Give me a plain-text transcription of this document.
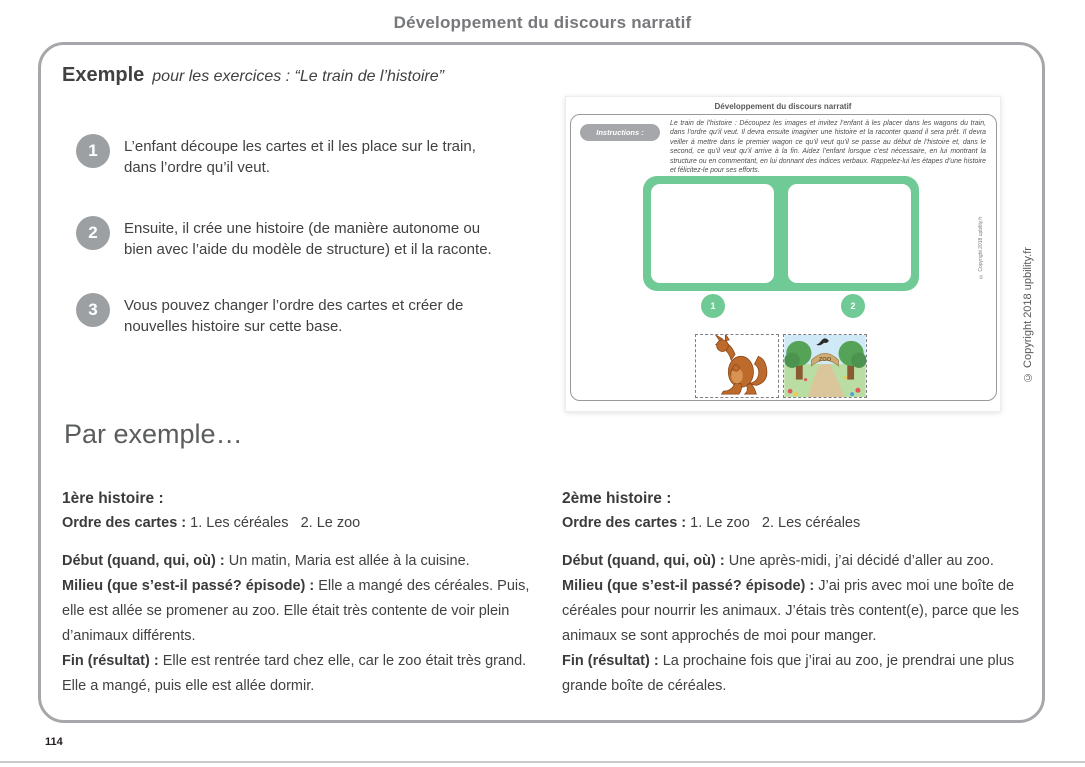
Développement du discours narratif
Exemple pour les exercices : “Le train de l’histoire”
1	L’enfant découpe les cartes et il les place sur le train, dans l’ordre qu’il veut.
2	Ensuite, il crée une histoire (de manière autonome ou bien avec l’aide du modèle de structure) et il la raconte.
3	Vous pouvez changer l’ordre des cartes et créer de nouvelles histoire sur cette base.
Développement du discours narratif
Instructions :
Le train de l’histoire : Découpez les images et invitez l’enfant à les placer dans les wagons du train, dans l’ordre qu’il veut. Il devra ensuite imaginer une histoire et la raconter quand il sera prêt. Il devra veiller à mettre dans le premier wagon ce qu’il veut qu’il se passe au début de l’histoire et, dans le second, ce qu’il veut qu’il arrive à la fin. Aidez l’enfant lorsque c’est nécessaire, en lui montrant la structure ou en commentant, en lui donnant des indices verbaux. Rappelez-lui les étapes d’une histoire et félicitez-le pour ses efforts.
1	2
ZOO
© Copyright 2018 upbility.fr	© Copyright 2018 upbility.fr
Par exemple…
1ère histoire :
Ordre des cartes : 1. Les céréales   2. Le zoo
Début (quand, qui, où) : Un matin, Maria est allée à la cuisine.
Milieu (que s’est-il passé? épisode) : Elle a mangé des céréales. Puis, elle est allée se promener au zoo. Elle était très contente de voir plein d’animaux différents.
Fin (résultat) : Elle est rentrée tard chez elle, car le zoo était très grand. Elle a mangé, puis elle est allée dormir.
2ème histoire :
Ordre des cartes : 1. Le zoo   2. Les céréales
Début (quand, qui, où) : Une après-midi, j’ai décidé d’aller au zoo.
Milieu (que s’est-il passé? épisode) : J’ai pris avec moi une boîte de céréales pour nourrir les animaux. J’étais très content(e), parce que les animaux se sont approchés de moi pour manger.
Fin (résultat) : La prochaine fois que j’irai au zoo, je prendrai une plus grande boîte de céréales.
114
